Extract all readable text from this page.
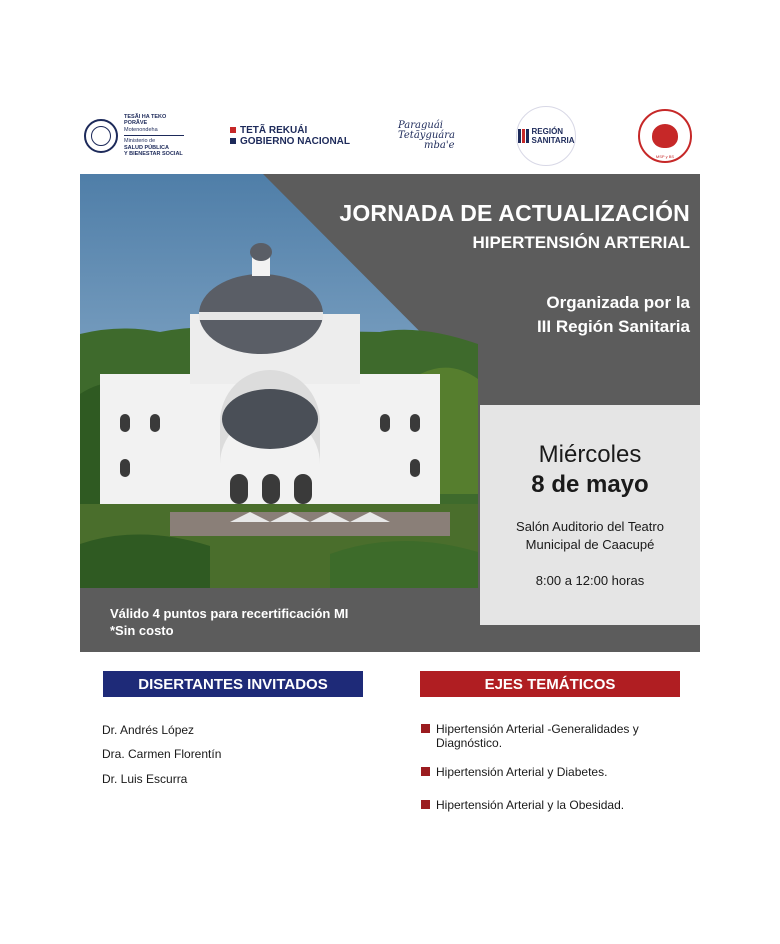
TESÃI HA TEKO
PORÃVE
Motenondeha
Ministerio de
SALUD PÚBLICA
Y BIENESTAR SOCIAL
TETÃ REKUÁI
GOBIERNO NACIONAL
Paraguái
Tetãyguára
mba'e
REGIÓN
SANITARIA
MSP y BS
JORNADA DE ACTUALIZACIÓN
HIPERTENSIÓN ARTERIAL
Organizada por la
III Región Sanitaria
Miércoles
8 de mayo
Salón Auditorio del Teatro
Municipal de Caacupé
8:00 a 12:00 horas
Válido 4 puntos para recertificación MI
*Sin costo
DISERTANTES INVITADOS
Dr. Andrés López
Dra. Carmen Florentín
Dr. Luis Escurra
EJES TEMÁTICOS
Hipertensión Arterial -Generalidades y Diagnóstico.
Hipertensión Arterial y Diabetes.
Hipertensión Arterial y la Obesidad.
